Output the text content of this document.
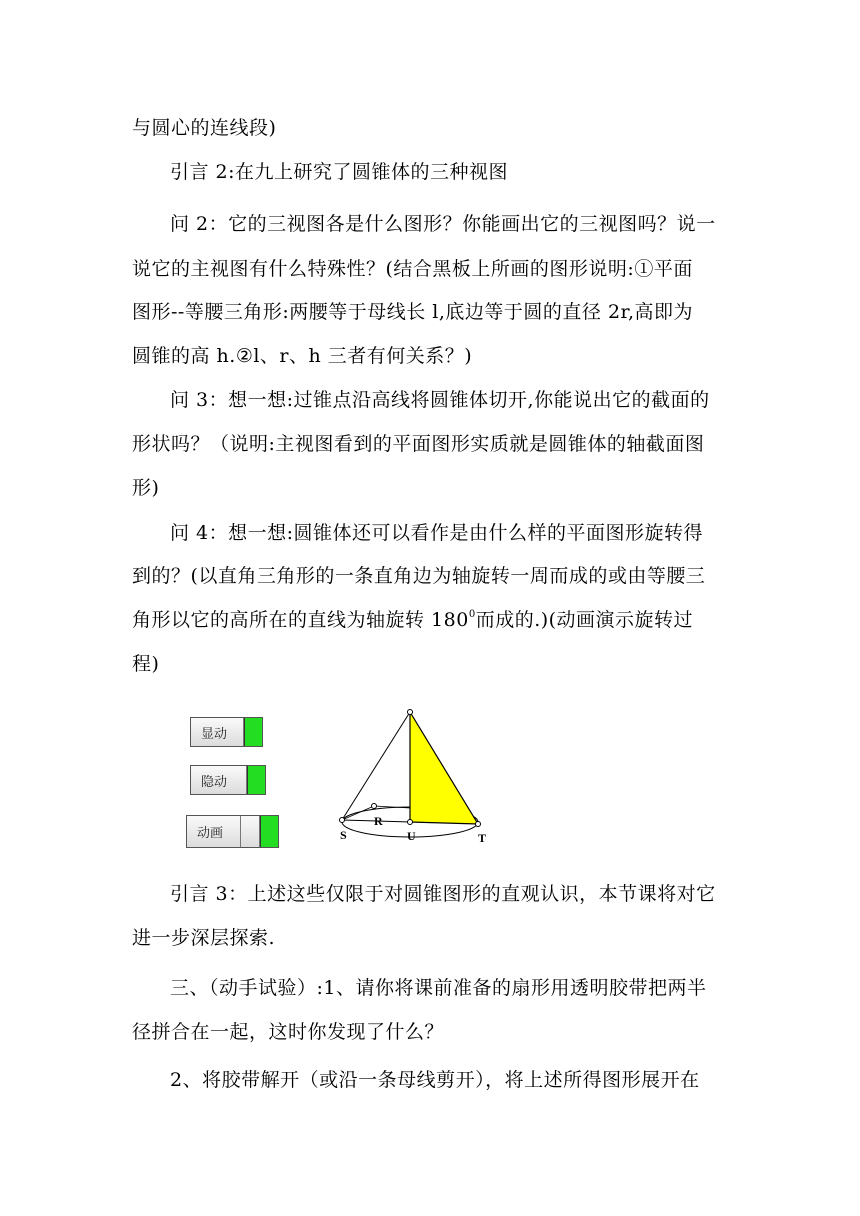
与圆心的连线段)
引言 2:在九上研究了圆锥体的三种视图
问 2：它的三视图各是什么图形？你能画出它的三视图吗？说一
说它的主视图有什么特殊性？(结合黑板上所画的图形说明:①平面
图形--等腰三角形:两腰等于母线长 l,底边等于圆的直径 2r,高即为
圆锥的高 h.②l、r、h 三者有何关系？)
问 3：想一想:过锥点沿高线将圆锥体切开,你能说出它的截面的
形状吗？（说明:主视图看到的平面图形实质就是圆锥体的轴截面图
形)
问 4：想一想:圆锥体还可以看作是由什么样的平面图形旋转得
到的？(以直角三角形的一条直角边为轴旋转一周而成的或由等腰三
角形以它的高所在的直线为轴旋转 $180^0$而成的.)(动画演示旋转过
程)
显动
隐动
动画	S
R
U	T
引言 3：上述这些仅限于对圆锥图形的直观认识，本节课将对它
进一步深层探索.
三、（动手试验）:1、请你将课前准备的扇形用透明胶带把两半
径拼合在一起，这时你发现了什么？
2、将胶带解开（或沿一条母线剪开），将上述所得图形展开在
